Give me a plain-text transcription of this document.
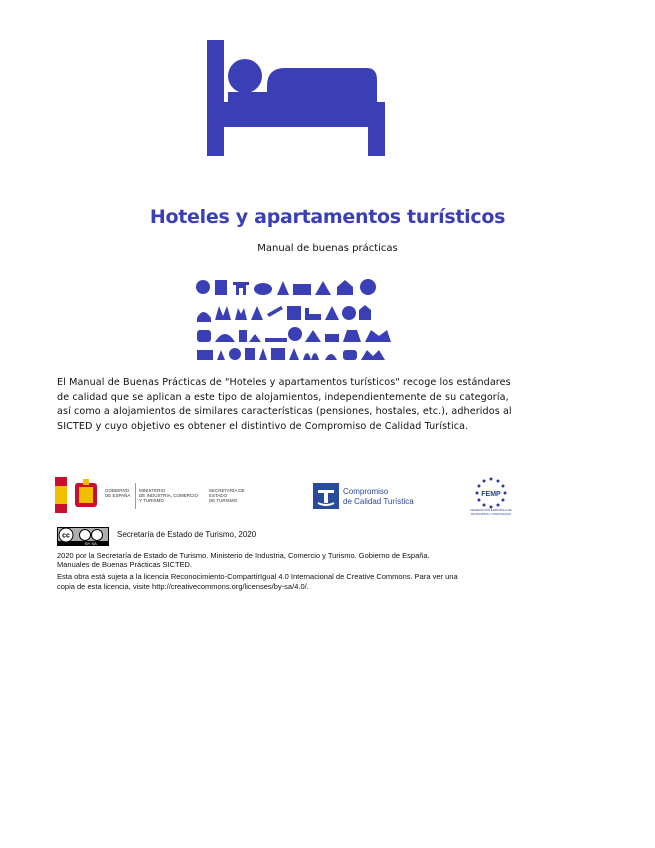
Hoteles y apartamentos turísticos
Manual de buenas prácticas
El Manual de Buenas Prácticas de "Hoteles y apartamentos turísticos" recoge los estándares de calidad que se aplican a este tipo de alojamientos, independientemente de su categoría, así como a alojamientos de similares características (pensiones, hostales, etc.), adheridos al SICTED y cuyo objetivo es obtener el distintivo de Compromiso de Calidad Turística.
GOBIERNO
DE ESPAÑA
MINISTERIO
DE INDUSTRIA, COMERCIO
Y TURISMO
SECRETARÍA DE ESTADO
DE TURISMO
Compromiso
de Calidad Turística
FEMP
FEDERACIÓN ESPAÑOLA DE MUNICIPIOS Y PROVINCIAS
cc
BY SA
Secretaría de Estado de Turismo, 2020
2020 por la Secretaría de Estado de Turismo. Ministerio de Industria, Comercio y Turismo. Gobierno de España.
Manuales de Buenas Prácticas SICTED.
Esta obra está sujeta a la licencia Reconocimiento-CompartirIgual 4.0 Internacional de Creative Commons. Para ver una
copia de esta licencia, visite http://creativecommons.org/licenses/by-sa/4.0/.
